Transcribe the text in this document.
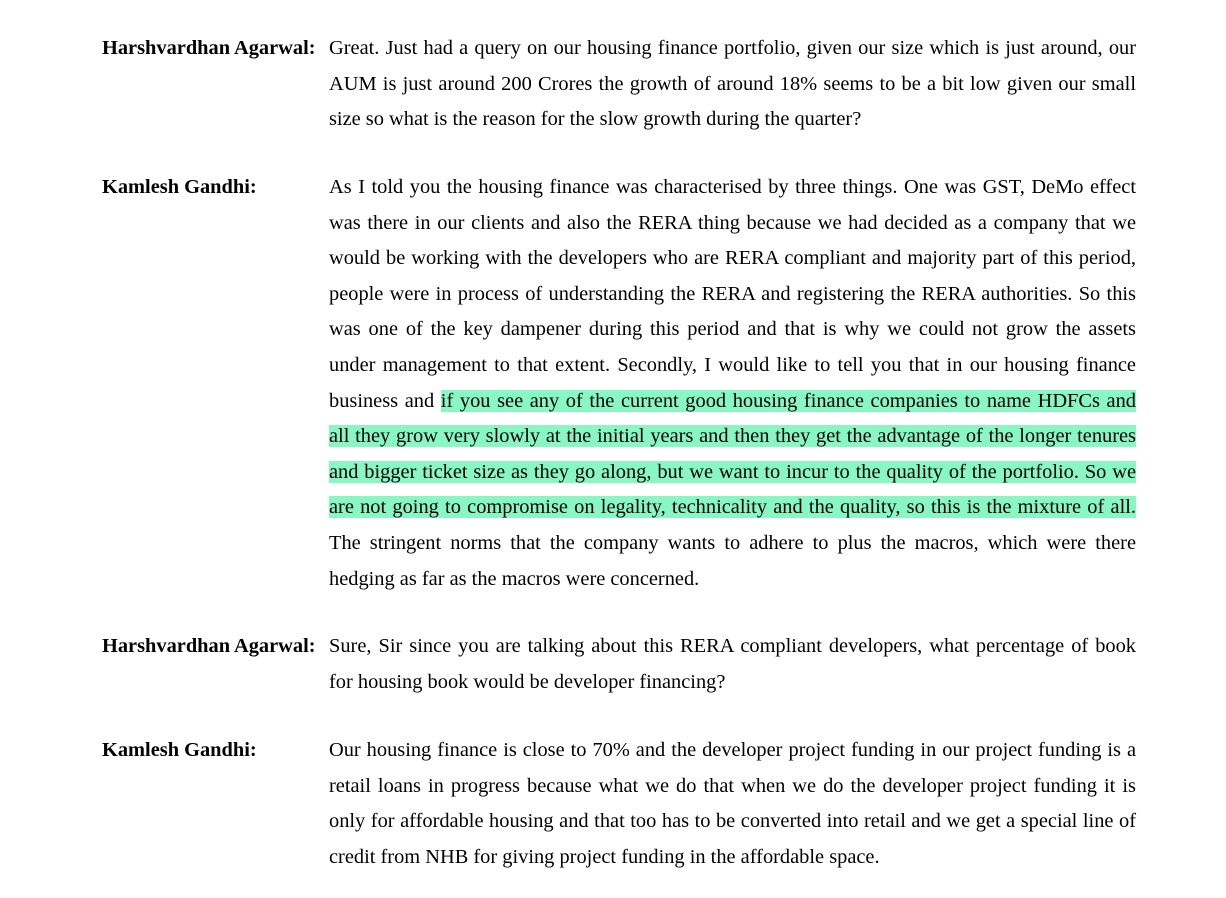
Harshvardhan Agarwal: Great. Just had a query on our housing finance portfolio, given our size which is just around, our AUM is just around 200 Crores the growth of around 18% seems to be a bit low given our small size so what is the reason for the slow growth during the quarter?

Kamlesh Gandhi:	As I told you the housing finance was characterised by three things. One was GST, DeMo effect was there in our clients and also the RERA thing because we had decided as a company that we would be working with the developers who are RERA compliant and majority part of this period, people were in process of understanding the RERA and registering the RERA authorities. So this was one of the key dampener during this period and that is why we could not grow the assets under management to that extent. Secondly, I would like to tell you that in our housing finance business and if you see any of the current good housing finance companies to name HDFCs and all they grow very slowly at the initial years and then they get the advantage of the longer tenures and bigger ticket size as they go along, but we want to incur to the quality of the portfolio. So we are not going to compromise on legality, technicality and the quality, so this is the mixture of all. The stringent norms that the company wants to adhere to plus the macros, which were there hedging as far as the macros were concerned.

Harshvardhan Agarwal: Sure, Sir since you are talking about this RERA compliant developers, what percentage of book for housing book would be developer financing?

Kamlesh Gandhi:	Our housing finance is close to 70% and the developer project funding in our project funding is a retail loans in progress because what we do that when we do the developer project funding it is only for affordable housing and that too has to be converted into retail and we get a special line of credit from NHB for giving project funding in the affordable space.
